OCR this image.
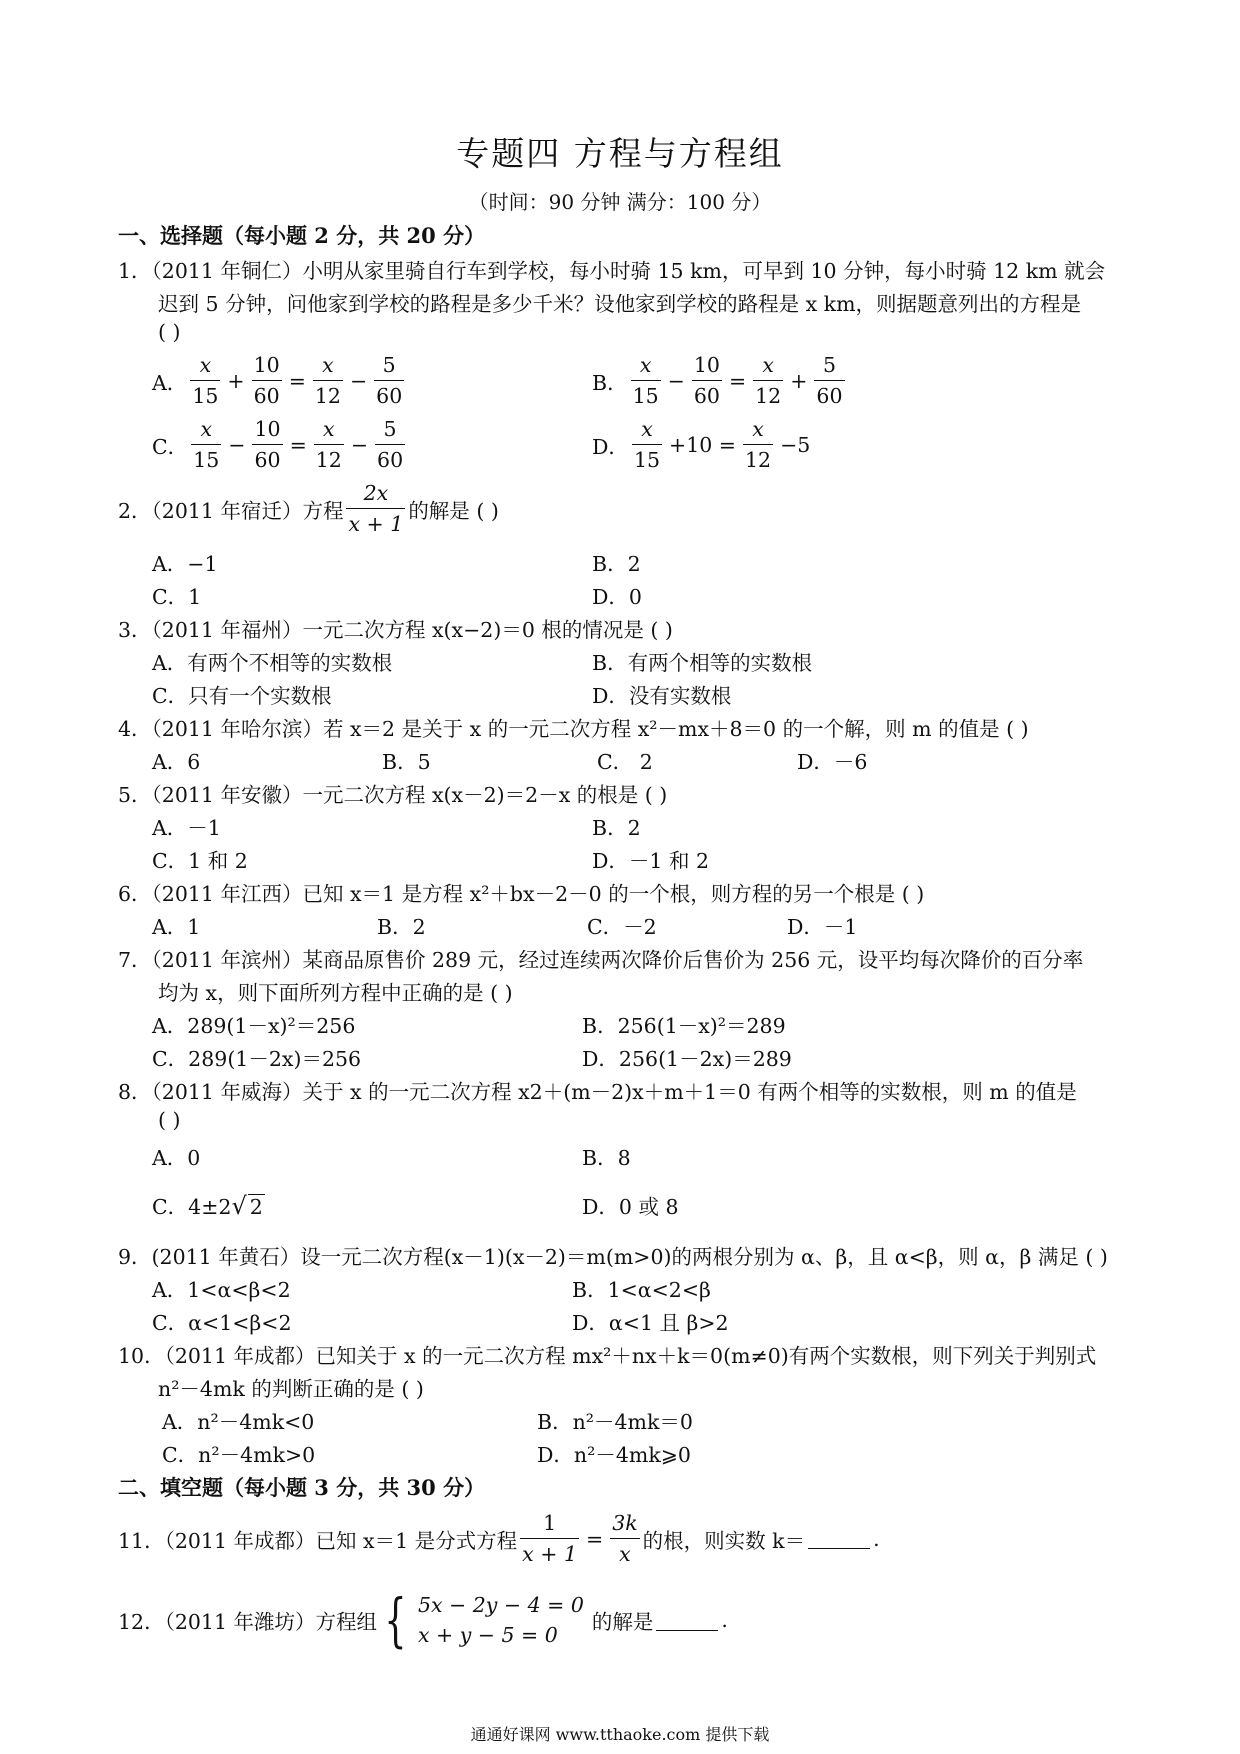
专题四 方程与方程组
（时间：90 分钟 满分：100 分）
一、选择题（每小题 2 分，共 20 分）
1．（2011 年铜仁）小明从家里骑自行车到学校，每小时骑 15 km，可早到 10 分钟，每小时骑 12 km 就会
迟到 5 分钟，问他家到学校的路程是多少千米？设他家到学校的路程是 x km，则据题意列出的方程是
( )
A． $\frac{x}{15} + \frac{10}{60} = \frac{x}{12} - \frac{5}{60}$	B． $\frac{x}{15} - \frac{10}{60} = \frac{x}{12} + \frac{5}{60}$
C． $\frac{x}{15} - \frac{10}{60} = \frac{x}{12} - \frac{5}{60}$	D． $\frac{x}{15} +10 = \frac{x}{12} -5$
2．（2011 年宿迁）方程 $\frac{2x}{x + 1}$ 的解是 ( )
A．−1	B．2
C．1	D．0
3．（2011 年福州）一元二次方程 x(x−2)＝0 根的情况是 ( )
A．有两个不相等的实数根	B．有两个相等的实数根
C．只有一个实数根	D．没有实数根
4．（2011 年哈尔滨）若 x＝2 是关于 x 的一元二次方程 x²－mx＋8＝0 的一个解，则 m 的值是 ( )
A．6	B．5	C． 2	D．－6
5．（2011 年安徽）一元二次方程 x(x－2)＝2－x 的根是 ( )
A．－1	B．2
C．1 和 2	D．－1 和 2
6．（2011 年江西）已知 x＝1 是方程 x²＋bx－2－0 的一个根，则方程的另一个根是 ( )
A．1	B．2	C．－2	D．－1
7．（2011 年滨州）某商品原售价 289 元，经过连续两次降价后售价为 256 元，设平均每次降价的百分率
均为 x，则下面所列方程中正确的是 ( )
A．289(1－x)²＝256	B．256(1－x)²＝289
C．289(1－2x)＝256	D．256(1－2x)＝289
8．（2011 年威海）关于 x 的一元二次方程 x2＋(m－2)x＋m＋1＝0 有两个相等的实数根，则 m 的值是
( )
A．0	B．8
C．4±2√ 2	D．0 或 8
9．(2011 年黄石）设一元二次方程(x－1)(x－2)＝m(m>0)的两根分别为 α、β，且 α<β，则 α，β 满足 ( )
A．1<α<β<2	B．1<α<2<β
C．α<1<β<2	D．α<1 且 β>2
10．（2011 年成都）已知关于 x 的一元二次方程 mx²＋nx＋k＝0(m≠0)有两个实数根，则下列关于判别式
n²－4mk 的判断正确的是 ( )
A．n²－4mk<0	B．n²－4mk＝0
C．n²－4mk>0	D．n²－4mk⩾0
二、填空题（每小题 3 分，共 30 分）
11．（2011 年成都）已知 x＝1 是分式方程 $\frac{1}{x + 1} = \frac{3k}{x}$ 的根，则实数 k＝	.
12．（2011 年潍坊）方程组 { 5x − 2y − 4 = 0
x + y − 5 = 0
的解是	.
通通好课网 www.tthaoke.com 提供下载
